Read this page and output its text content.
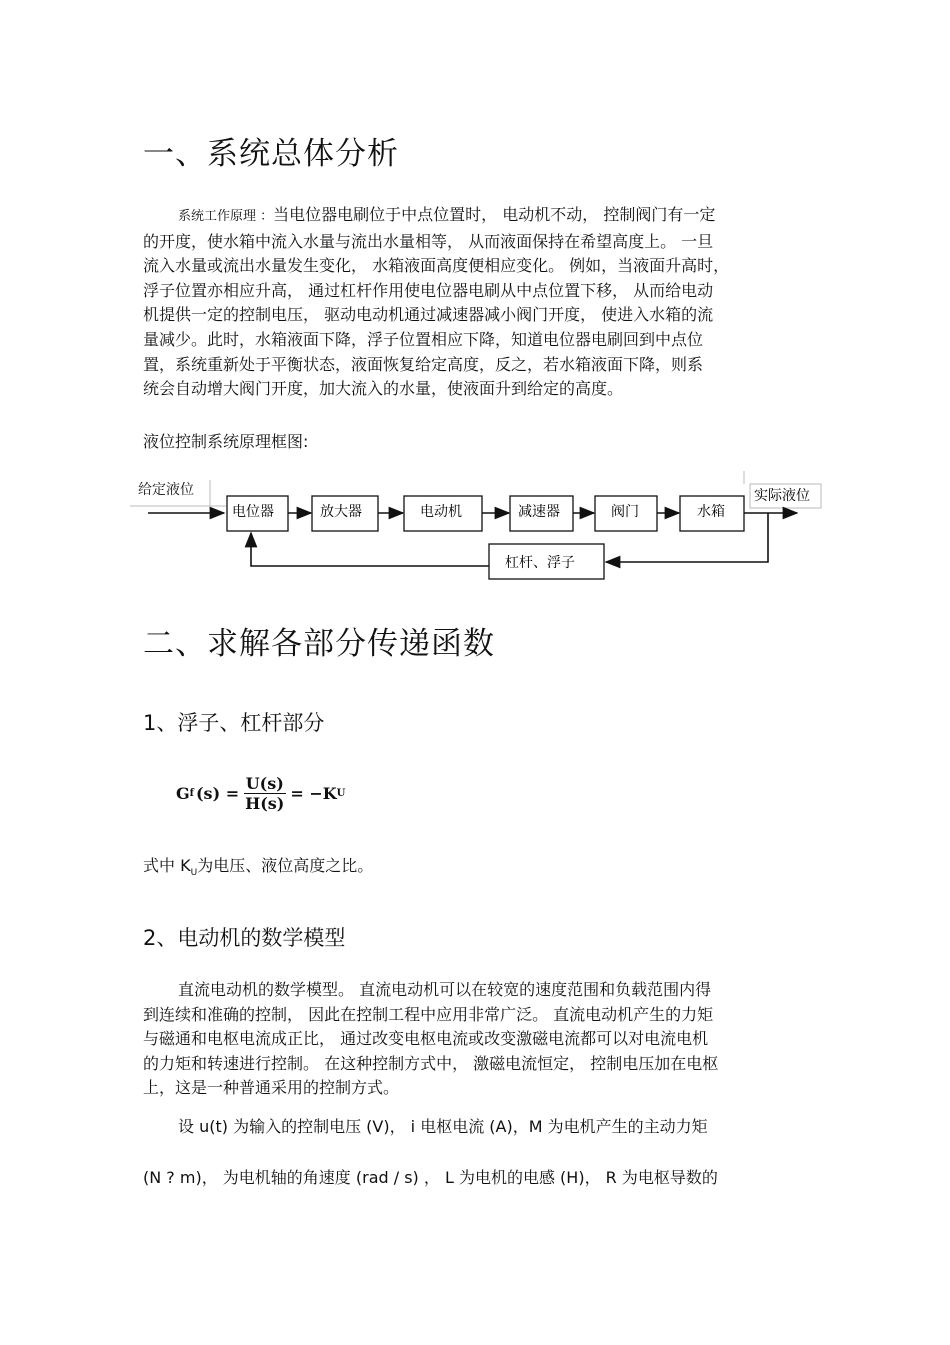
一、系统总体分析
系统工作原理 ：当电位器电刷位于中点位置时， 电动机不动， 控制阀门有一定
的开度，使水箱中流入水量与流出水量相等， 从而液面保持在希望高度上。 一旦
流入水量或流出水量发生变化， 水箱液面高度便相应变化。 例如，当液面升高时，
浮子位置亦相应升高， 通过杠杆作用使电位器电刷从中点位置下移， 从而给电动
机提供一定的控制电压， 驱动电动机通过减速器减小阀门开度， 使进入水箱的流
量减少。此时，水箱液面下降，浮子位置相应下降，知道电位器电刷回到中点位
置，系统重新处于平衡状态，液面恢复给定高度，反之，若水箱液面下降，则系
统会自动增大阀门开度，加大流入的水量，使液面升到给定的高度。
液位控制系统原理框图:
给定液位
电位器	放大器	电动机	减速器	阀门	水箱
实际液位
杠杆、浮子
二、求解各部分传递函数
1、浮子、杠杆部分
G f $(s) = \frac{U(s)}{H(s)} = -K$ U
式中 $K_U$为电压、液位高度之比。
2、电动机的数学模型
直流电动机的数学模型。 直流电动机可以在较宽的速度范围和负载范围内得
到连续和准确的控制， 因此在控制工程中应用非常广泛。 直流电动机产生的力矩
与磁通和电枢电流成正比， 通过改变电枢电流或改变激磁电流都可以对电流电机
的力矩和转速进行控制。 在这种控制方式中， 激磁电流恒定， 控制电压加在电枢
上，这是一种普通采用的控制方式。
设 u(t) 为输入的控制电压 (V)， i 电枢电流 (A)，M 为电机产生的主动力矩
(N ? m)， 为电机轴的角速度 (rad / s) ， L 为电机的电感 (H)， R 为电枢导数的
